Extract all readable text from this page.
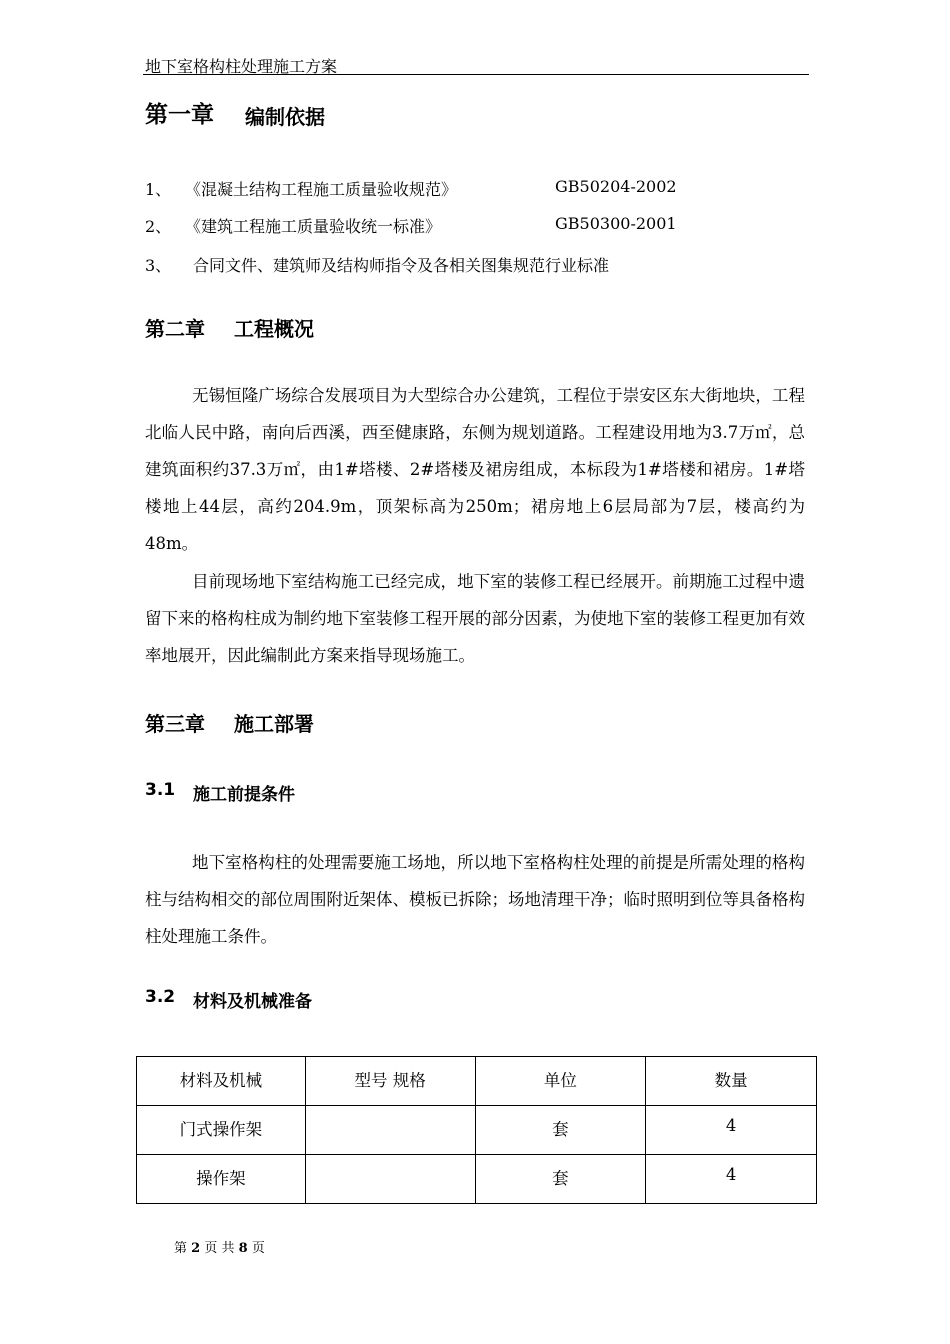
地下室格构柱处理施工方案
第一章 编制依据
1、 《混凝土结构工程施工质量验收规范》	GB50204-2002
2、 《建筑工程施工质量验收统一标准》	GB50300-2001
3、 合同文件、建筑师及结构师指令及各相关图集规范行业标准
第二章 工程概况
无锡恒隆广场综合发展项目为大型综合办公建筑，工程位于崇安区东大街地块，工程北临人民中路，南向后西溪，西至健康路，东侧为规划道路。工程建设用地为3.7万㎡，总建筑面积约37.3万㎡，由1#塔楼、2#塔楼及裙房组成，本标段为1#塔楼和裙房。1#塔楼地上44层，高约204.9m，顶架标高为250m；裙房地上6层局部为7层，楼高约为48m。
目前现场地下室结构施工已经完成，地下室的装修工程已经展开。前期施工过程中遗留下来的格构柱成为制约地下室装修工程开展的部分因素，为使地下室的装修工程更加有效率地展开，因此编制此方案来指导现场施工。
第三章 施工部署
3.1 施工前提条件
地下室格构柱的处理需要施工场地，所以地下室格构柱处理的前提是所需处理的格构柱与结构相交的部位周围附近架体、模板已拆除；场地清理干净；临时照明到位等具备格构柱处理施工条件。
3.2 材料及机械准备
材料及机械	型号 规格	单位	数量
门式操作架		套	4
操作架		套	4
第 2 页 共 8 页
